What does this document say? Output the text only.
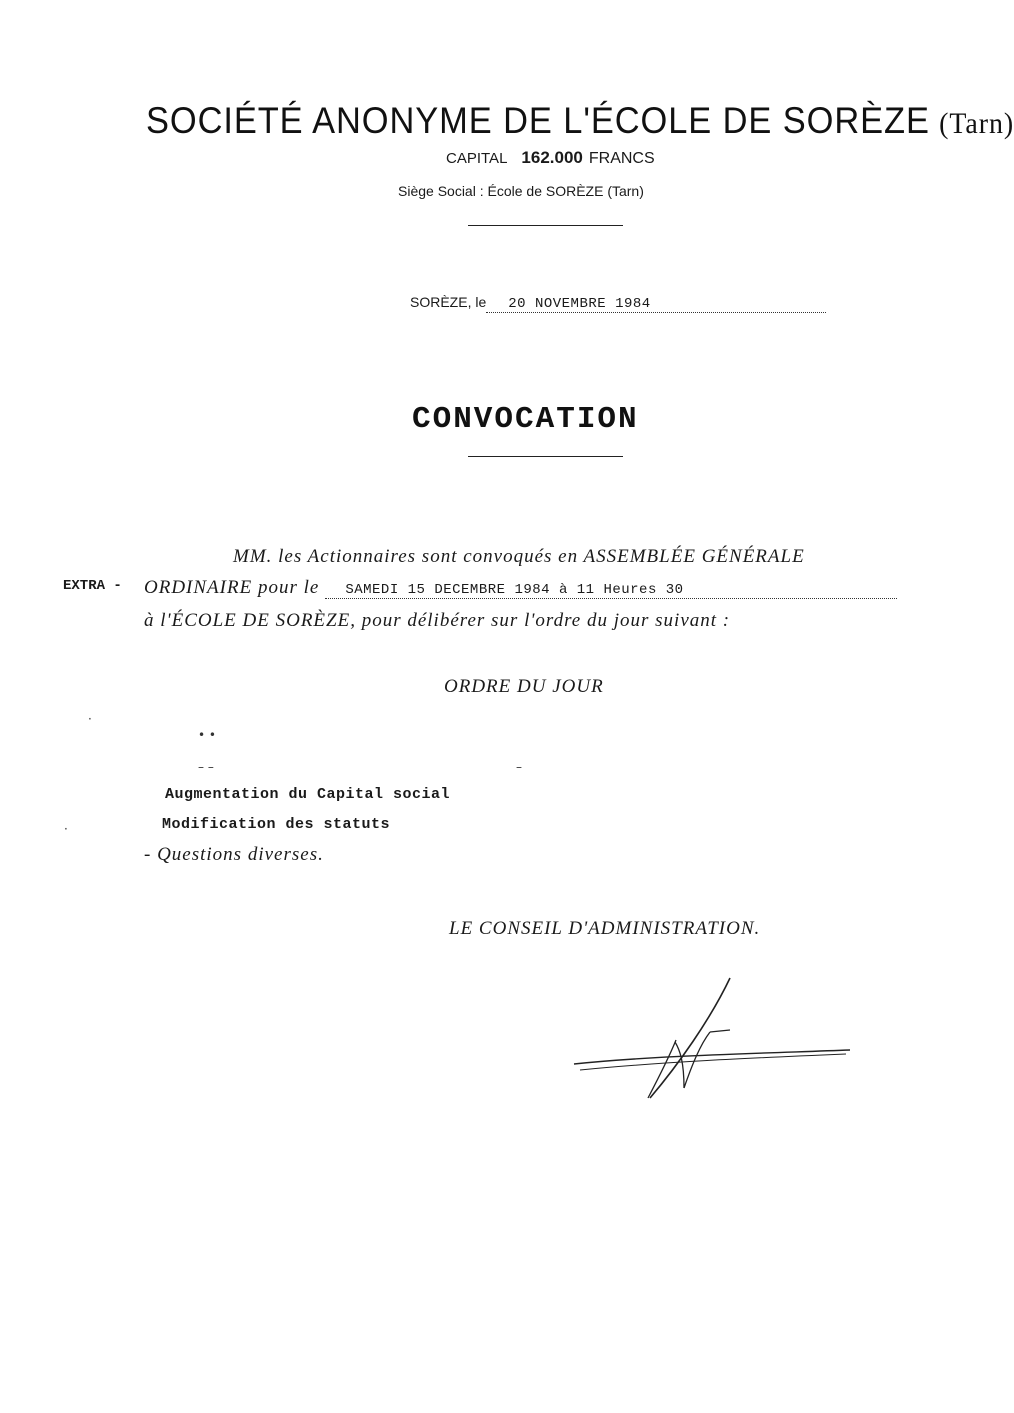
SOCIÉTÉ ANONYME DE L'ÉCOLE DE SORÈZE (Tarn)
CAPITAL 162.000 FRANCS
Siège Social : École de SORÈZE (Tarn)
SORÈZE, le 20 NOVEMBRE 1984
CONVOCATION
MM. les Actionnaires sont convoqués en ASSEMBLÉE GÉNÉRALE
EXTRA - ORDINAIRE pour le SAMEDI 15 DECEMBRE 1984 à 11 Heures 30
à l'ÉCOLE DE SORÈZE, pour délibérer sur l'ordre du jour suivant :
ORDRE DU JOUR
Augmentation du Capital social
Modification des statuts
- Questions diverses.
LE CONSEIL D'ADMINISTRATION.
• •
– –	–
·
·
